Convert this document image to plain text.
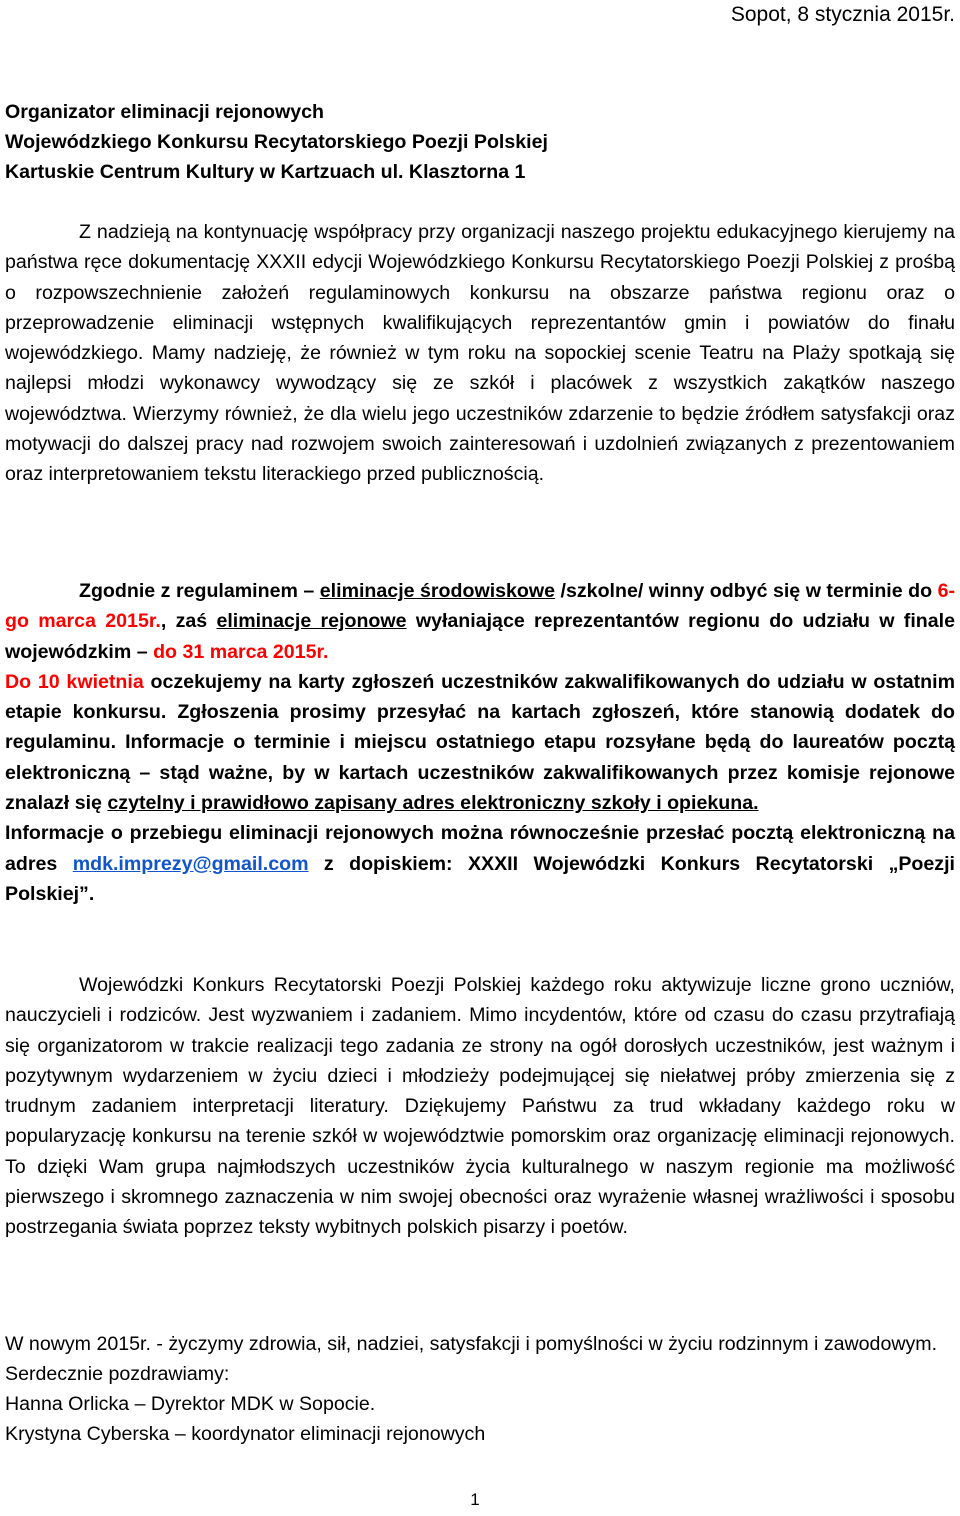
Sopot, 8 stycznia 2015r.
Organizator eliminacji rejonowych
Wojewódzkiego Konkursu Recytatorskiego Poezji Polskiej
Kartuskie Centrum Kultury w Kartzuach ul. Klasztorna 1
Z nadzieją na kontynuację współpracy przy organizacji naszego projektu edukacyjnego kierujemy na państwa ręce dokumentację XXXII edycji Wojewódzkiego Konkursu Recytatorskiego Poezji Polskiej z prośbą o rozpowszechnienie założeń regulaminowych konkursu na obszarze państwa regionu oraz o przeprowadzenie eliminacji wstępnych kwalifikujących reprezentantów gmin i powiatów do finału wojewódzkiego. Mamy nadzieję, że również w tym roku na sopockiej scenie Teatru na Plaży spotkają się najlepsi młodzi wykonawcy wywodzący się ze szkół i placówek z wszystkich zakątków naszego województwa. Wierzymy również, że dla wielu jego uczestników zdarzenie to będzie źródłem satysfakcji oraz motywacji do dalszej pracy nad rozwojem swoich zainteresowań i uzdolnień związanych z prezentowaniem oraz interpretowaniem tekstu literackiego przed publicznością.
Zgodnie z regulaminem – eliminacje środowiskowe /szkolne/ winny odbyć się w terminie do 6-go marca 2015r., zaś eliminacje rejonowe wyłaniające reprezentantów regionu do udziału w finale wojewódzkim – do 31 marca 2015r.
Do 10 kwietnia oczekujemy na karty zgłoszeń uczestników zakwalifikowanych do udziału w ostatnim etapie konkursu. Zgłoszenia prosimy przesyłać na kartach zgłoszeń, które stanowią dodatek do regulaminu. Informacje o terminie i miejscu ostatniego etapu rozsyłane będą do laureatów pocztą elektroniczną – stąd ważne, by w kartach uczestników zakwalifikowanych przez komisje rejonowe znalazł się czytelny i prawidłowo zapisany adres elektroniczny szkoły i opiekuna.
Informacje o przebiegu eliminacji rejonowych można równocześnie przesłać pocztą elektroniczną na adres mdk.imprezy@gmail.com z dopiskiem: XXXII Wojewódzki Konkurs Recytatorski „Poezji Polskiej”.
Wojewódzki Konkurs Recytatorski Poezji Polskiej każdego roku aktywizuje liczne grono uczniów, nauczycieli i rodziców. Jest wyzwaniem i zadaniem. Mimo incydentów, które od czasu do czasu przytrafiają się organizatorom w trakcie realizacji tego zadania ze strony na ogół dorosłych uczestników, jest ważnym i pozytywnym wydarzeniem w życiu dzieci i młodzieży podejmującej się niełatwej próby zmierzenia się z trudnym zadaniem interpretacji literatury. Dziękujemy Państwu za trud wkładany każdego roku w popularyzację konkursu na terenie szkół w województwie pomorskim oraz organizację eliminacji rejonowych. To dzięki Wam grupa najmłodszych uczestników życia kulturalnego w naszym regionie ma możliwość pierwszego i skromnego zaznaczenia w nim swojej obecności oraz wyrażenie własnej wrażliwości i sposobu postrzegania świata poprzez teksty wybitnych polskich pisarzy i poetów.
W nowym 2015r. - życzymy zdrowia, sił, nadziei, satysfakcji i pomyślności w życiu rodzinnym i zawodowym. Serdecznie pozdrawiamy:
Hanna Orlicka – Dyrektor MDK w Sopocie.
Krystyna Cyberska – koordynator eliminacji rejonowych
1
